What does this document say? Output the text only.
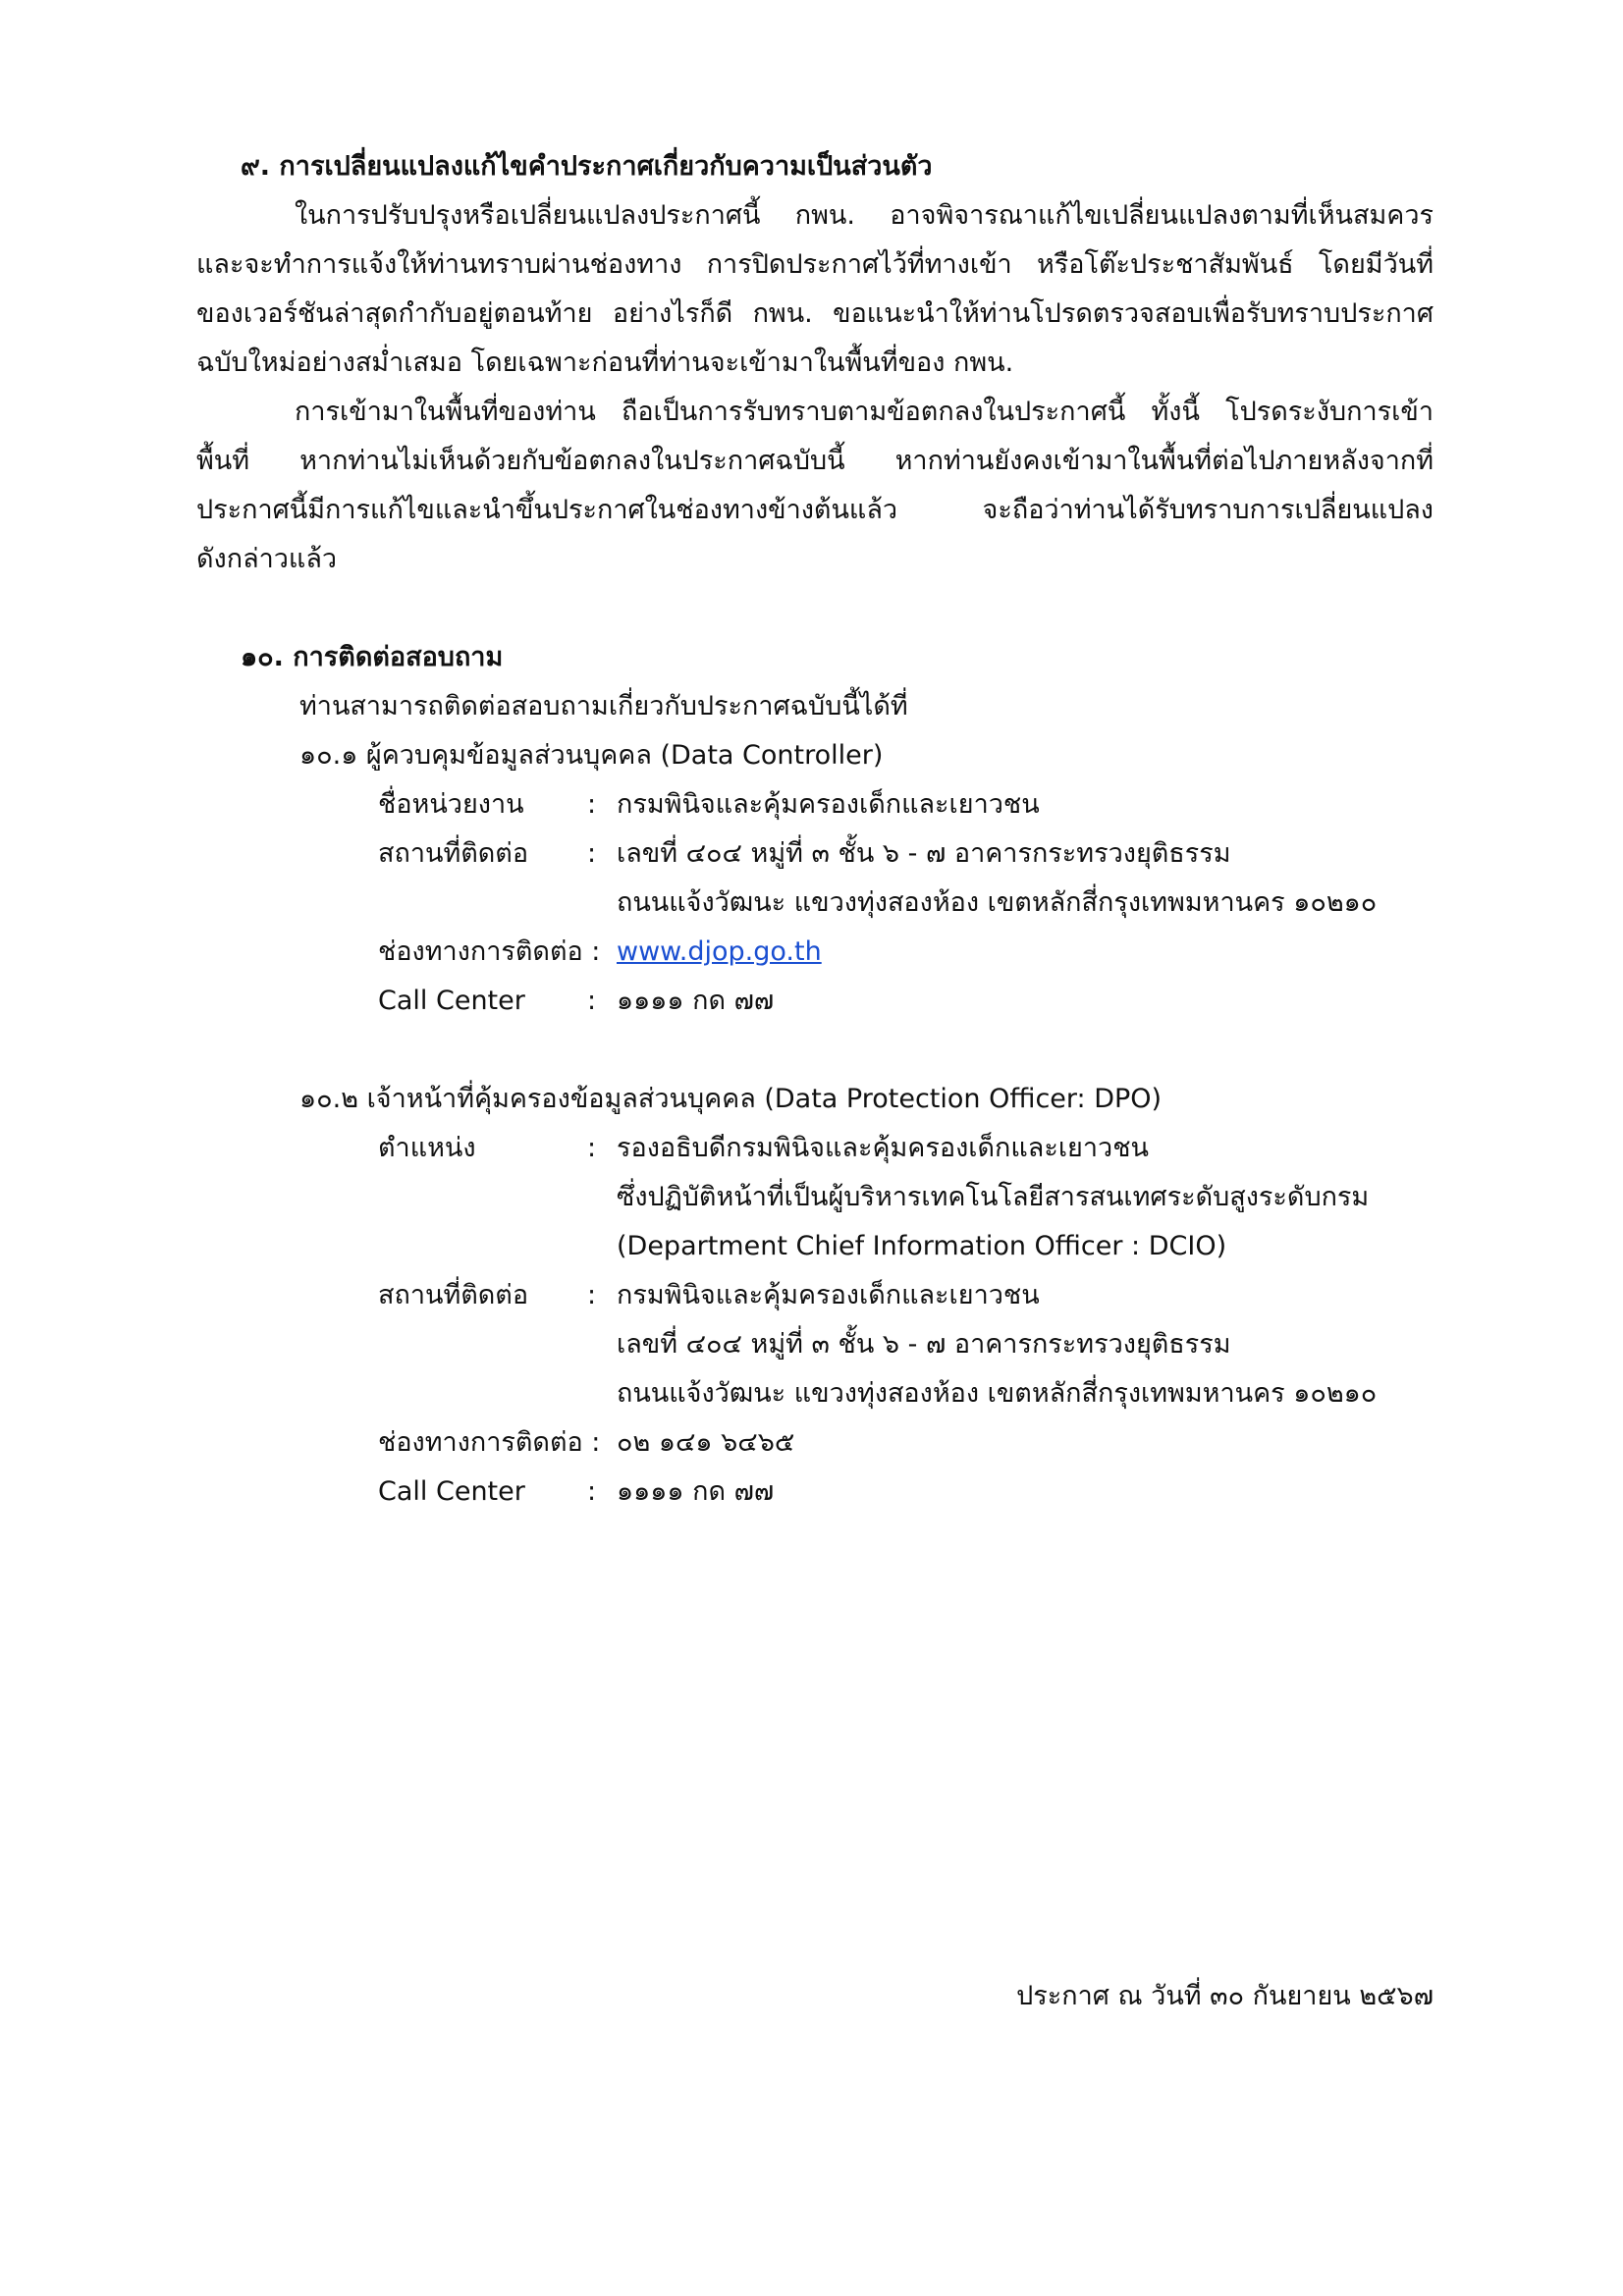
๙. การเปลี่ยนแปลงแก้ไขคำประกาศเกี่ยวกับความเป็นส่วนตัว
ในการปรับปรุงหรือเปลี่ยนแปลงประกาศนี้ กพน. อาจพิจารณาแก้ไขเปลี่ยนแปลงตามที่เห็นสมควร
และจะทำการแจ้งให้ท่านทราบผ่านช่องทาง การปิดประกาศไว้ที่ทางเข้า หรือโต๊ะประชาสัมพันธ์ โดยมีวันที่
ของเวอร์ชันล่าสุดกำกับอยู่ตอนท้าย อย่างไรก็ดี กพน. ขอแนะนำให้ท่านโปรดตรวจสอบเพื่อรับทราบประกาศ
ฉบับใหม่อย่างสม่ำเสมอ โดยเฉพาะก่อนที่ท่านจะเข้ามาในพื้นที่ของ กพน.
การเข้ามาในพื้นที่ของท่าน ถือเป็นการรับทราบตามข้อตกลงในประกาศนี้ ทั้งนี้ โปรดระงับการเข้า
พื้นที่ หากท่านไม่เห็นด้วยกับข้อตกลงในประกาศฉบับนี้ หากท่านยังคงเข้ามาในพื้นที่ต่อไปภายหลังจากที่
ประกาศนี้มีการแก้ไขและนำขึ้นประกาศในช่องทางข้างต้นแล้ว จะถือว่าท่านได้รับทราบการเปลี่ยนแปลง
ดังกล่าวแล้ว
๑๐. การติดต่อสอบถาม
ท่านสามารถติดต่อสอบถามเกี่ยวกับประกาศฉบับนี้ได้ที่
๑๐.๑ ผู้ควบคุมข้อมูลส่วนบุคคล (Data Controller)
ชื่อหน่วยงาน : กรมพินิจและคุ้มครองเด็กและเยาวชน
สถานที่ติดต่อ : เลขที่ ๔๐๔ หมู่ที่ ๓ ชั้น ๖ - ๗ อาคารกระทรวงยุติธรรม
ถนนแจ้งวัฒนะ แขวงทุ่งสองห้อง เขตหลักสี่กรุงเทพมหานคร ๑๐๒๑๐
ช่องทางการติดต่อ : www.djop.go.th
Call Center : ๑๑๑๑ กด ๗๗
๑๐.๒ เจ้าหน้าที่คุ้มครองข้อมูลส่วนบุคคล (Data Protection Officer: DPO)
ตำแหน่ง	: รองอธิบดีกรมพินิจและคุ้มครองเด็กและเยาวชน
ซึ่งปฏิบัติหน้าที่เป็นผู้บริหารเทคโนโลยีสารสนเทศระดับสูงระดับกรม
(Department Chief Information Officer : DCIO)
สถานที่ติดต่อ : กรมพินิจและคุ้มครองเด็กและเยาวชน
เลขที่ ๔๐๔ หมู่ที่ ๓ ชั้น ๖ - ๗ อาคารกระทรวงยุติธรรม
ถนนแจ้งวัฒนะ แขวงทุ่งสองห้อง เขตหลักสี่กรุงเทพมหานคร ๑๐๒๑๐
ช่องทางการติดต่อ : ๐๒ ๑๔๑ ๖๔๖๕
Call Center : ๑๑๑๑ กด ๗๗
ประกาศ ณ วันที่ ๓๐ กันยายน ๒๕๖๗
